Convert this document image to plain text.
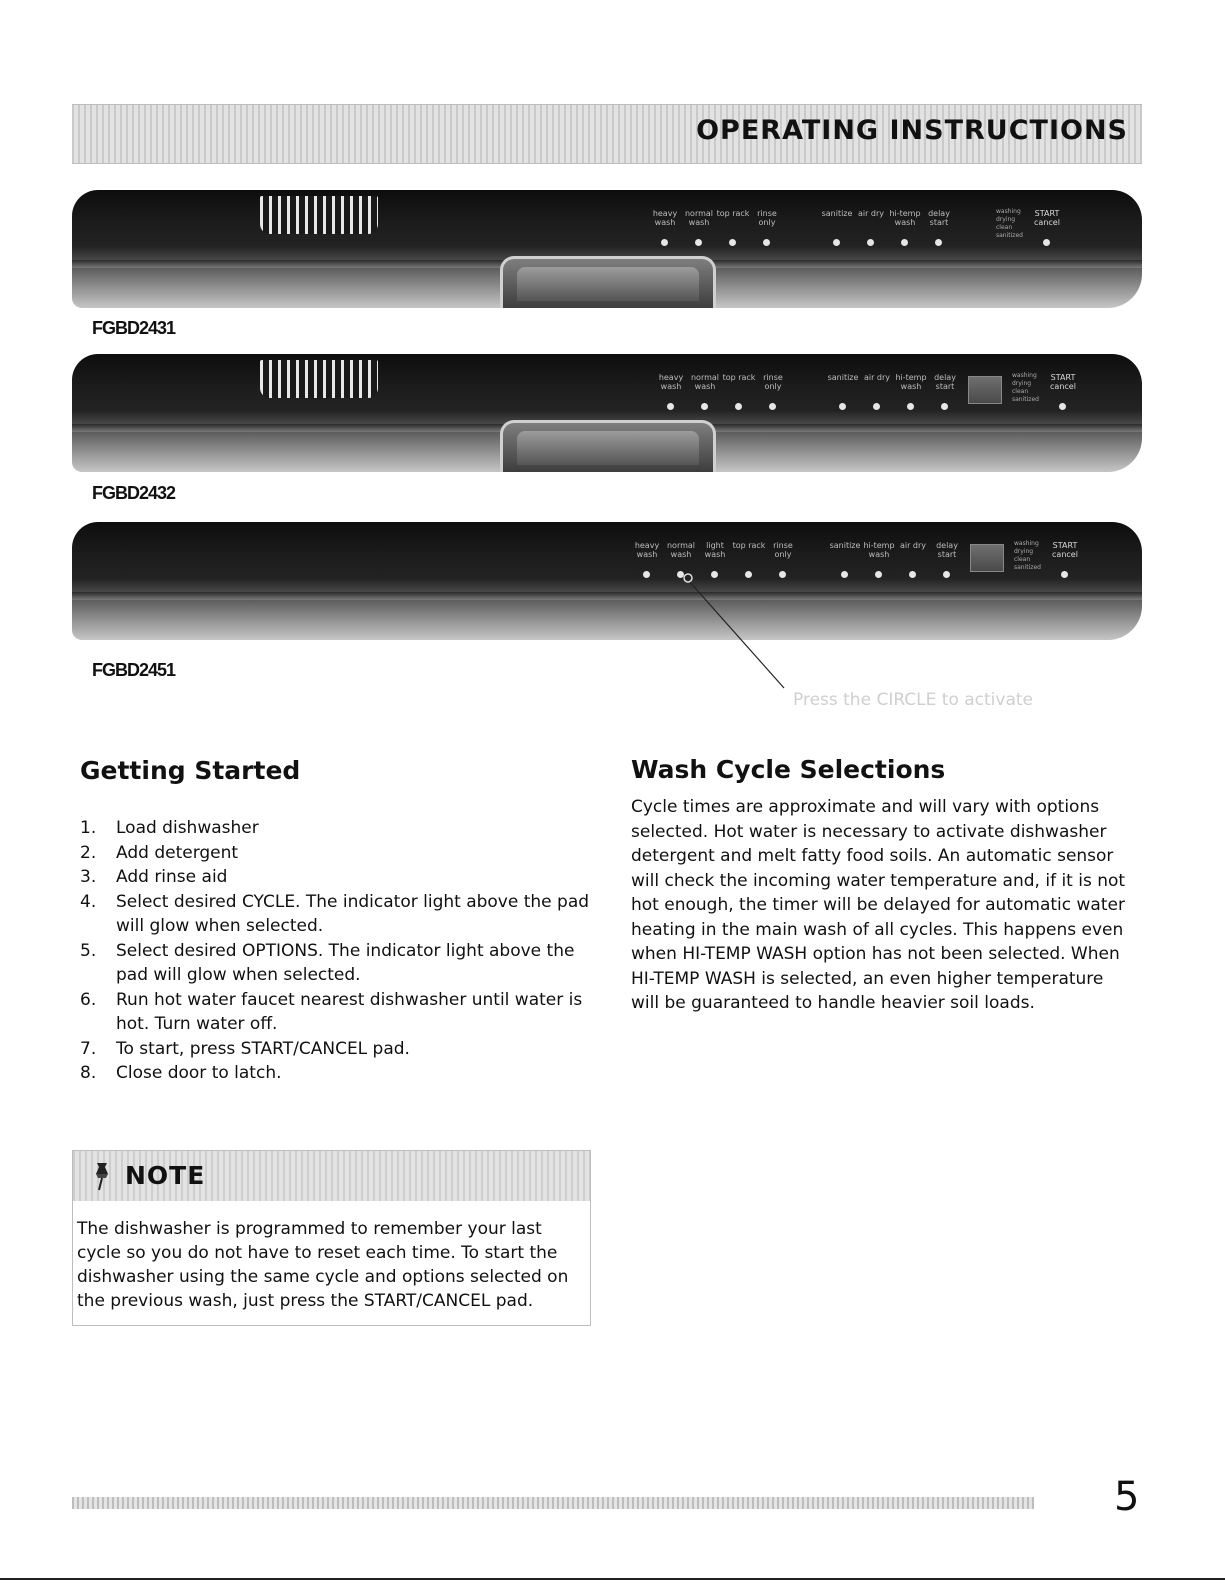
OPERATING INSTRUCTIONS
heavy wash
normal wash
top rack rinse only
sanitize air dry hi-temp wash
delay start
washing
drying
clean
sanitized
START cancel

FGBD2431

heavy wash
normal wash
top rack rinse only
sanitize air dry hi-temp wash
delay start
washing
drying
clean
sanitized
START cancel

FGBD2432

heavy wash
normal wash
light wash
top rack rinse only
sanitize hi-temp wash
air dry	delay start
washing
drying
clean
sanitized
START cancel

FGBD2451

Press the CIRCLE to activate

Getting Started
1. Load dishwasher
2. Add detergent
3. Add rinse aid
4. Select desired CYCLE. The indicator light above the pad will glow when selected.
5. Select desired OPTIONS. The indicator light above the pad will glow when selected.
6. Run hot water faucet nearest dishwasher until water is hot. Turn water off.
7. To start, press START/CANCEL pad.
8. Close door to latch.
Wash Cycle Selections

Cycle times are approximate and will vary with options selected. Hot water is necessary to activate dishwasher detergent and melt fatty food soils. An automatic sensor will check the incoming water temperature and, if it is not hot enough, the timer will be delayed for automatic water heating in the main wash of all cycles. This happens even when HI-TEMP WASH option has not been selected. When HI-TEMP WASH is selected, an even higher temperature will be guaranteed to handle heavier soil loads.

NOTE

The dishwasher is programmed to remember your last cycle so you do not have to reset each time. To start the dishwasher using the same cycle and options selected on the previous wash, just press the START/CANCEL pad.

5
